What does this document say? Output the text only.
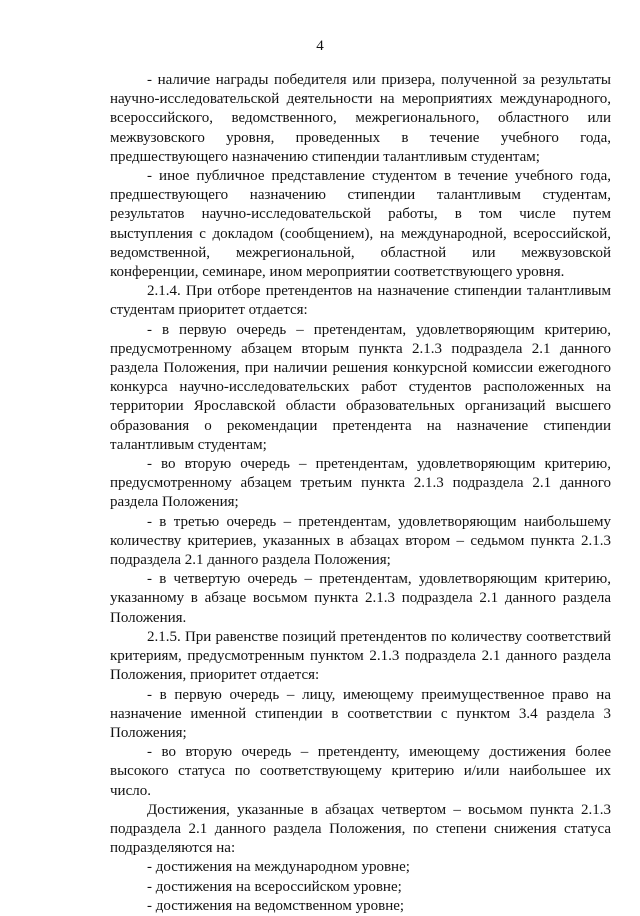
4

- наличие награды победителя или призера, полученной за результаты научно-исследовательской деятельности на мероприятиях международного, всероссийского, ведомственного, межрегионального, областного или межвузовского уровня, проведенных в течение учебного года, предшествующего назначению стипендии талантливым студентам;

- иное публичное представление студентом в течение учебного года, предшествующего назначению стипендии талантливым студентам, результатов научно-исследовательской работы, в том числе путем выступления с докладом (сообщением), на международной, всероссийской, ведомственной, межрегиональной, областной или межвузовской конференции, семинаре, ином мероприятии соответствующего уровня.

2.1.4. При отборе претендентов на назначение стипендии талантливым студентам приоритет отдается:

- в первую очередь – претендентам, удовлетворяющим критерию, предусмотренному абзацем вторым пункта 2.1.3 подраздела 2.1 данного раздела Положения, при наличии решения конкурсной комиссии ежегодного конкурса научно-исследовательских работ студентов расположенных на территории Ярославской области образовательных организаций высшего образования о рекомендации претендента на назначение стипендии талантливым студентам;

- во вторую очередь – претендентам, удовлетворяющим критерию, предусмотренному абзацем третьим пункта 2.1.3 подраздела 2.1 данного раздела Положения;

- в третью очередь – претендентам, удовлетворяющим наибольшему количеству критериев, указанных в абзацах втором – седьмом пункта 2.1.3 подраздела 2.1 данного раздела Положения;

- в четвертую очередь – претендентам, удовлетворяющим критерию, указанному в абзаце восьмом пункта 2.1.3 подраздела 2.1 данного раздела Положения.

2.1.5. При равенстве позиций претендентов по количеству соответствий критериям, предусмотренным пунктом 2.1.3 подраздела 2.1 данного раздела Положения, приоритет отдается:

- в первую очередь – лицу, имеющему преимущественное право на назначение именной стипендии в соответствии с пунктом 3.4 раздела 3 Положения;

- во вторую очередь – претенденту, имеющему достижения более высокого статуса по соответствующему критерию и/или наибольшее их число.

Достижения, указанные в абзацах четвертом – восьмом пункта 2.1.3 подраздела 2.1 данного раздела Положения, по степени снижения статуса подразделяются на:

- достижения на международном уровне;

- достижения на всероссийском уровне;

- достижения на ведомственном уровне;
